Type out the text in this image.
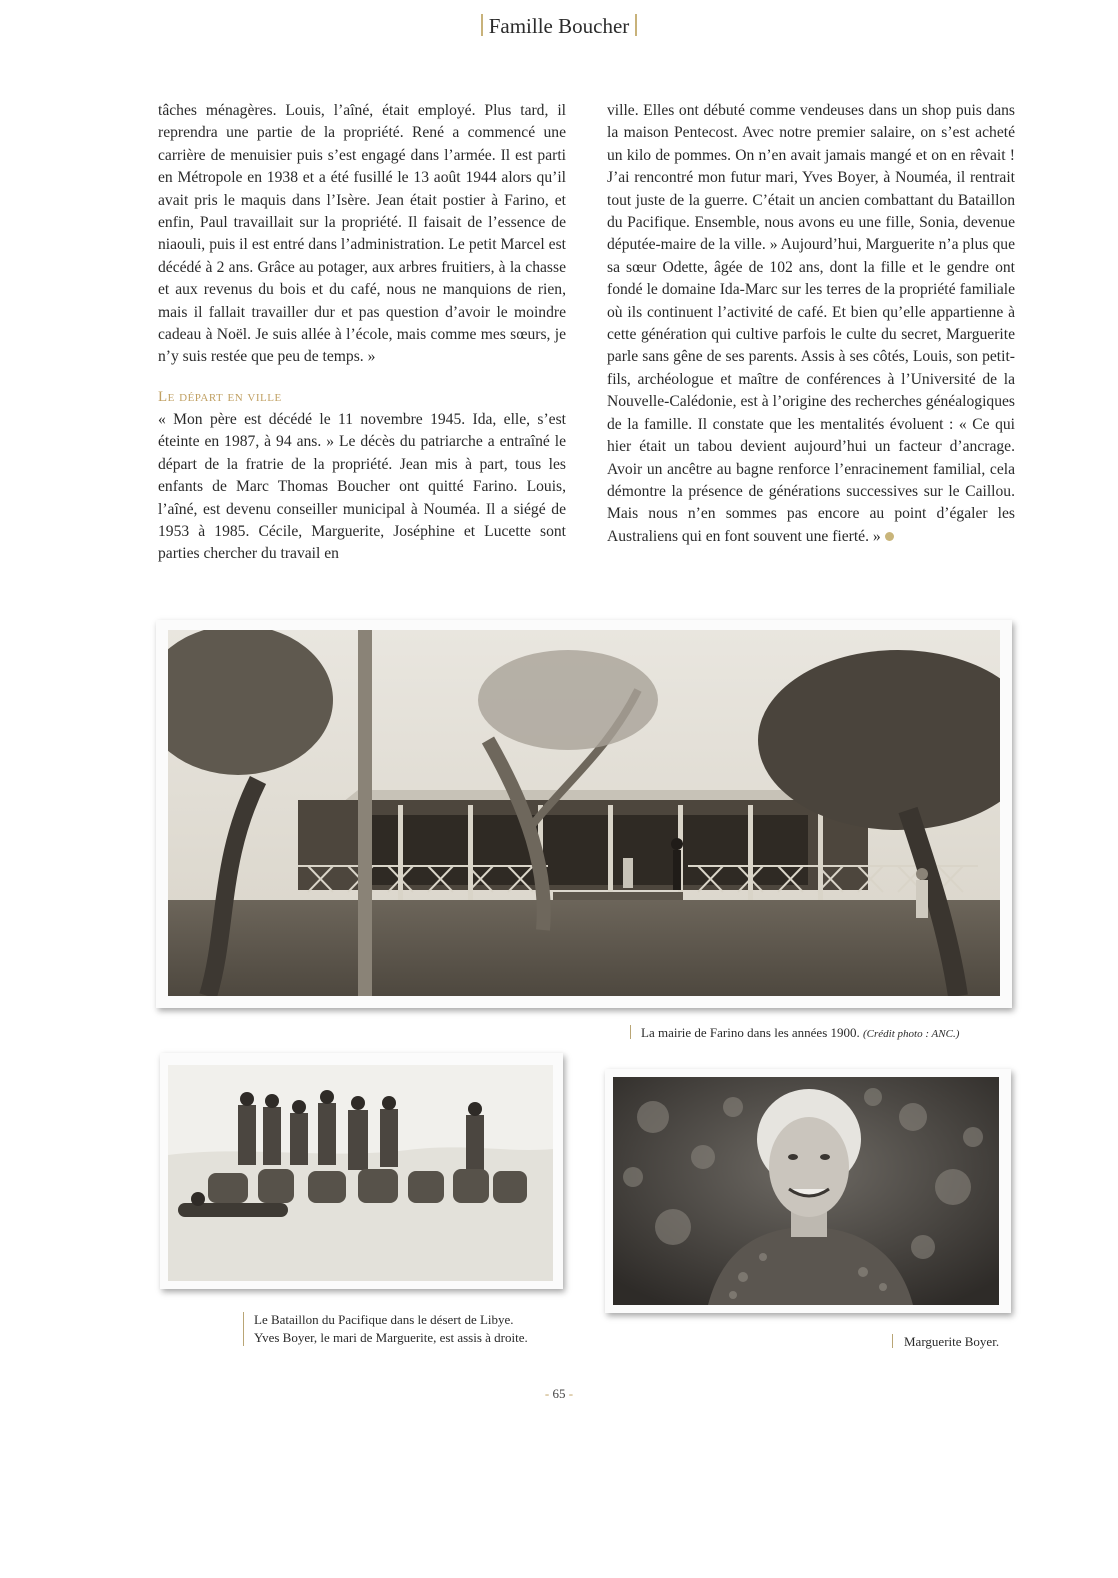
Famille Boucher

tâches ménagères. Louis, l’aîné, était employé. Plus tard, il reprendra une partie de la propriété. René a commencé une carrière de menuisier puis s’est engagé dans l’armée. Il est parti en Métropole en 1938 et a été fusillé le 13 août 1944 alors qu’il avait pris le maquis dans l’Isère. Jean était postier à Farino, et enfin, Paul travaillait sur la propriété. Il faisait de l’essence de niaouli, puis il est entré dans l’administration. Le petit Marcel est décédé à 2 ans. Grâce au potager, aux arbres fruitiers, à la chasse et aux revenus du bois et du café, nous ne manquions de rien, mais il fallait travailler dur et pas question d’avoir le moindre cadeau à Noël. Je suis allée à l’école, mais comme mes sœurs, je n’y suis restée que peu de temps. »

Le départ en ville

« Mon père est décédé le 11 novembre 1945. Ida, elle, s’est éteinte en 1987, à 94 ans. » Le décès du patriarche a entraîné le départ de la fratrie de la propriété. Jean mis à part, tous les enfants de Marc Thomas Boucher ont quitté Farino. Louis, l’aîné, est devenu conseiller municipal à Nouméa. Il a siégé de 1953 à 1985. Cécile, Marguerite, Joséphine et Lucette sont parties chercher du travail en

ville. Elles ont débuté comme vendeuses dans un shop puis dans la maison Pentecost. Avec notre premier salaire, on s’est acheté un kilo de pommes. On n’en avait jamais mangé et on en rêvait ! J’ai rencontré mon futur mari, Yves Boyer, à Nouméa, il rentrait tout juste de la guerre. C’était un ancien combattant du Bataillon du Pacifique. Ensemble, nous avons eu une fille, Sonia, devenue députée-maire de la ville. » Aujourd’hui, Marguerite n’a plus que sa sœur Odette, âgée de 102 ans, dont la fille et le gendre ont fondé le domaine Ida-Marc sur les terres de la propriété familiale où ils continuent l’activité de café. Et bien qu’elle appartienne à cette génération qui cultive parfois le culte du secret, Marguerite parle sans gêne de ses parents. Assis à ses côtés, Louis, son petit-fils, archéologue et maître de conférences à l’Université de la Nouvelle-Calédonie, est à l’origine des recherches généalogiques de la famille. Il constate que les mentalités évoluent : « Ce qui hier était un tabou devient aujourd’hui un facteur d’ancrage. Avoir un ancêtre au bagne renforce l’enracinement familial, cela démontre la présence de générations successives sur le Caillou. Mais nous n’en sommes pas encore au point d’égaler les Australiens qui en font souvent une fierté. »

La mairie de Farino dans les années 1900. (Crédit photo : ANC.)
Le Bataillon du Pacifique dans le désert de Libye.
Yves Boyer, le mari de Marguerite, est assis à droite.	Marguerite Boyer.
- 65 -
